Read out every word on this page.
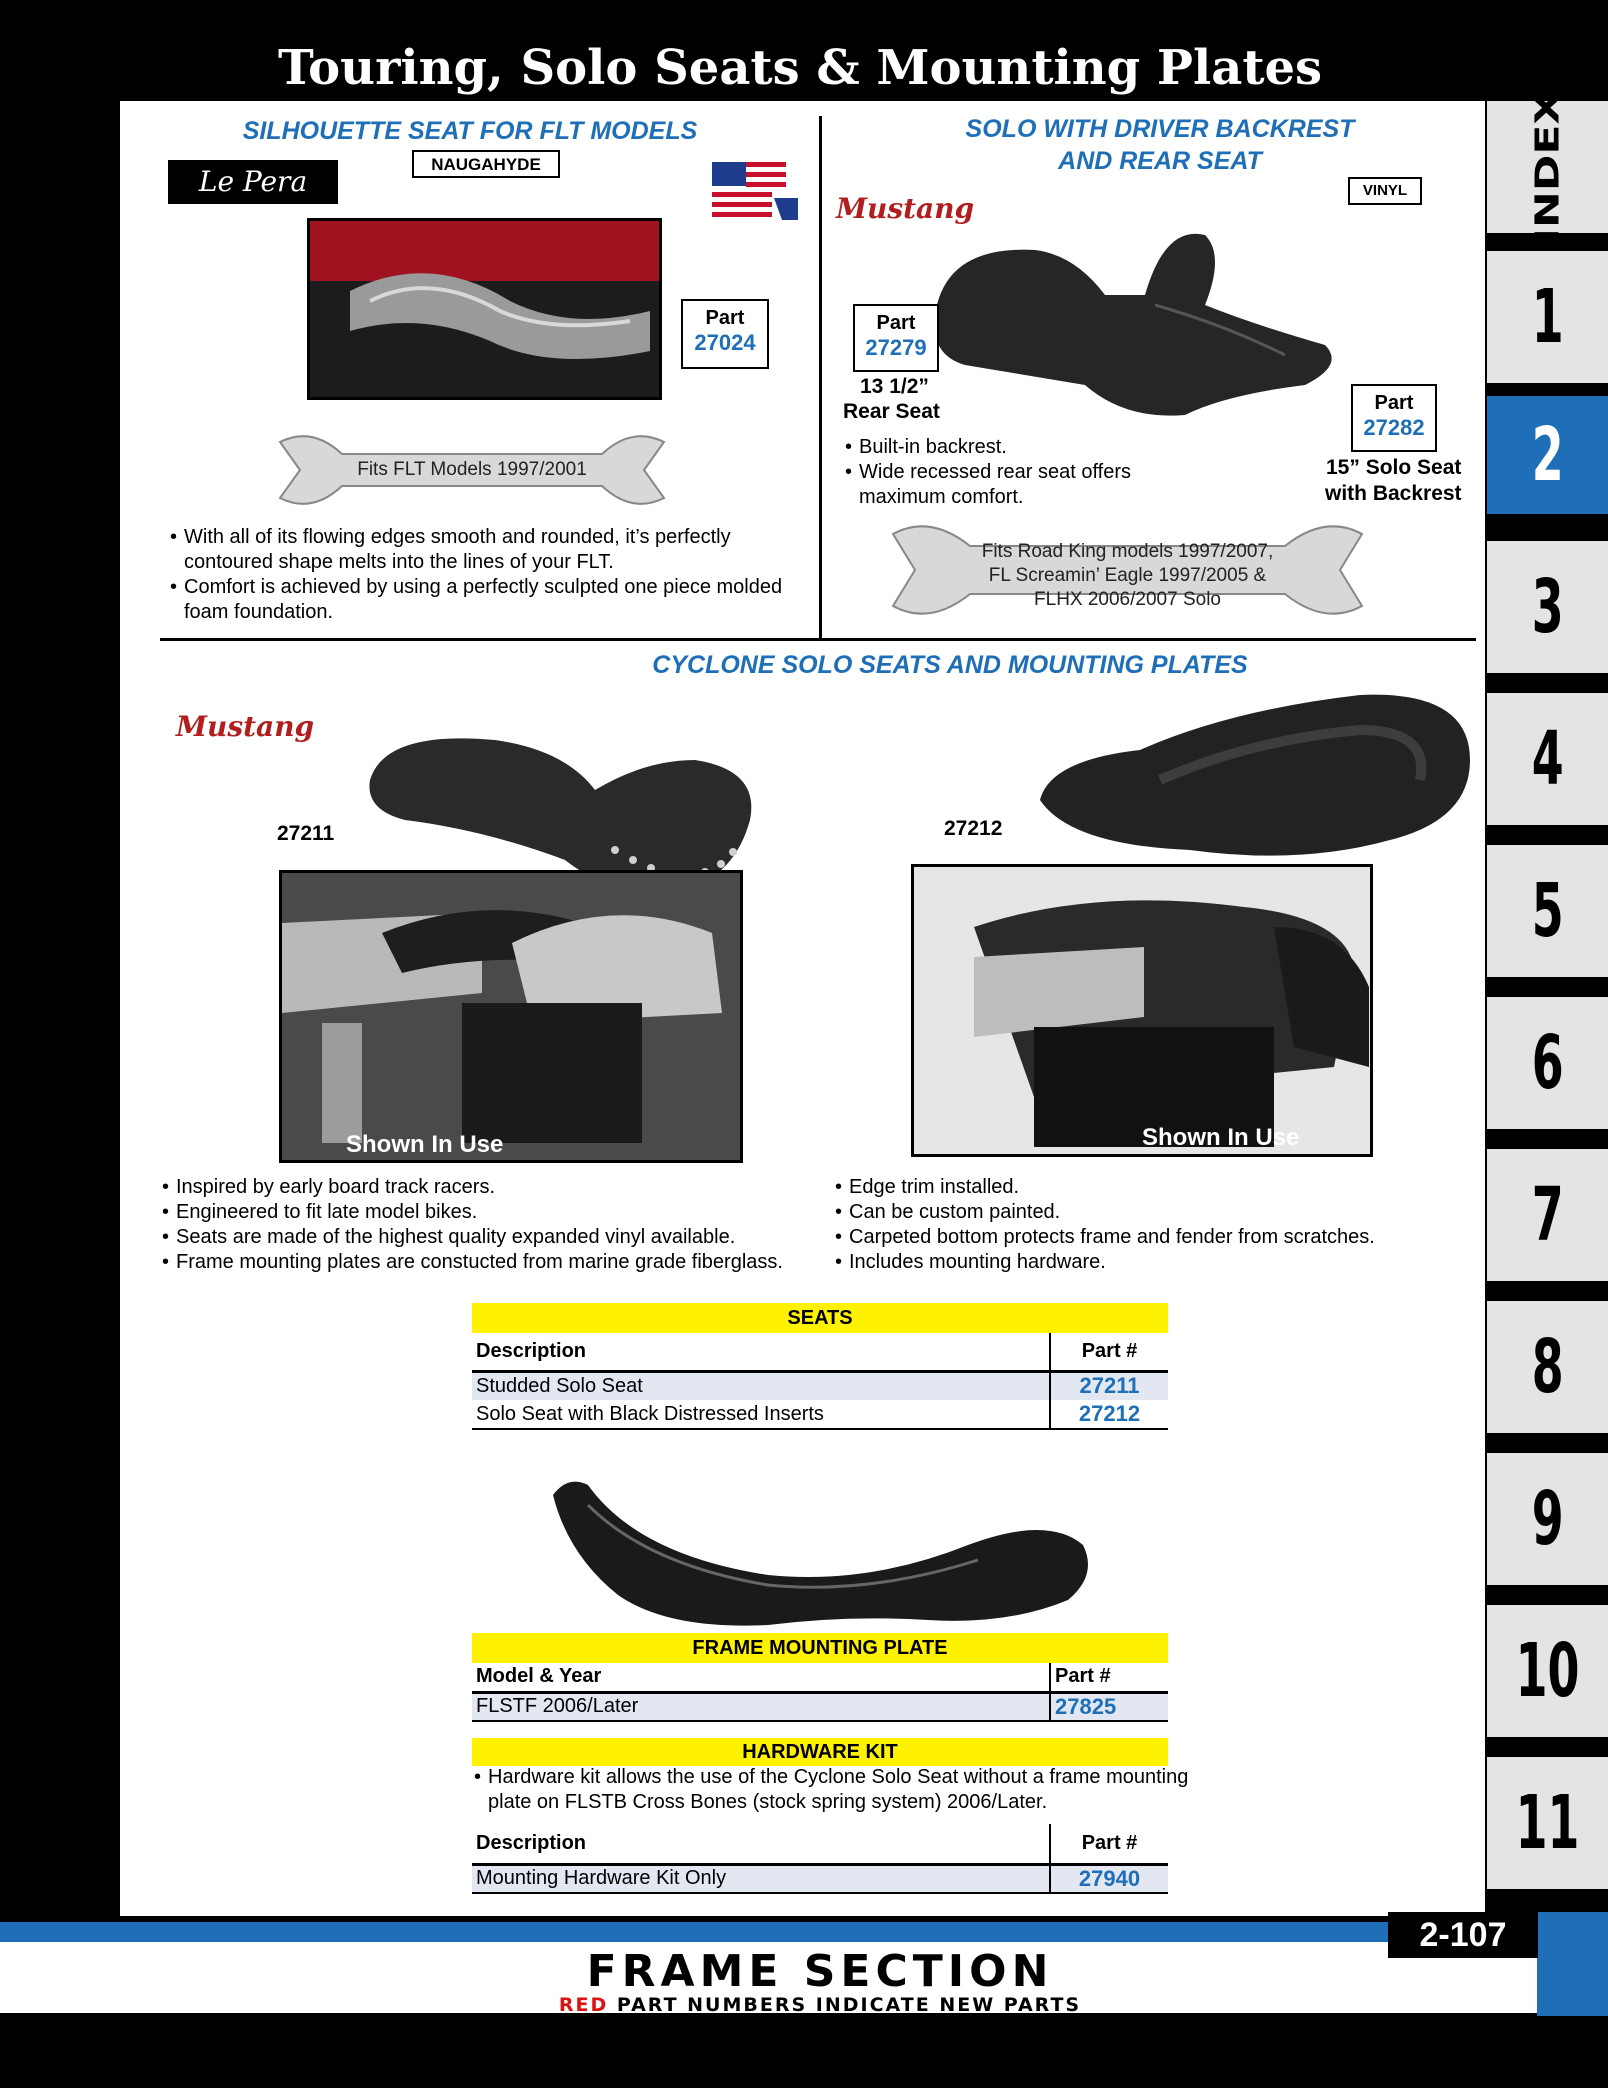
Touring, Solo Seats & Mounting Plates
INDEX
1
2
3
4
5
6
7
8
9
10
11
SILHOUETTE SEAT FOR FLT MODELS
Le Pera
NAUGAHYDE
Part
27024
Fits FLT Models 1997/2001
• With all of its flowing edges smooth and rounded, it’s perfectly contoured shape melts into the lines of your FLT.
• Comfort is achieved by using a perfectly sculpted one piece molded foam foundation.
SOLO WITH DRIVER BACKREST
AND REAR SEAT
Mustang
VINYL
Part
27279
13 1/2”
Rear Seat	Part
27282
15” Solo Seat
with Backrest
• Built-in backrest.
• Wide recessed rear seat offers maximum comfort.
Fits Road King models 1997/2007,
FL Screamin’ Eagle 1997/2005 &
FLHX 2006/2007 Solo
CYCLONE SOLO SEATS AND MOUNTING PLATES
Mustang
27211	27212
Shown In Use	Shown In Use
• Inspired by early board track racers.
• Engineered to fit late model bikes.
• Seats are made of the highest quality expanded vinyl available.
• Frame mounting plates are constucted from marine grade fiberglass.
• Edge trim installed.
• Can be custom painted.
• Carpeted bottom protects frame and fender from scratches.
• Includes mounting hardware.
SEATS	
Description	Part #
Studded Solo Seat	27211
Solo Seat with Black Distressed Inserts	27212
FRAME MOUNTING PLATE	
Model & Year	Part #
FLSTF 2006/Later	27825
HARDWARE KIT
• Hardware kit allows the use of the Cyclone Solo Seat without a frame mounting plate on FLSTB Cross Bones (stock spring system) 2006/Later.
Description	Part #
Mounting Hardware Kit Only	27940
FRAME SECTION
RED PART NUMBERS INDICATE NEW PARTS
2-107
